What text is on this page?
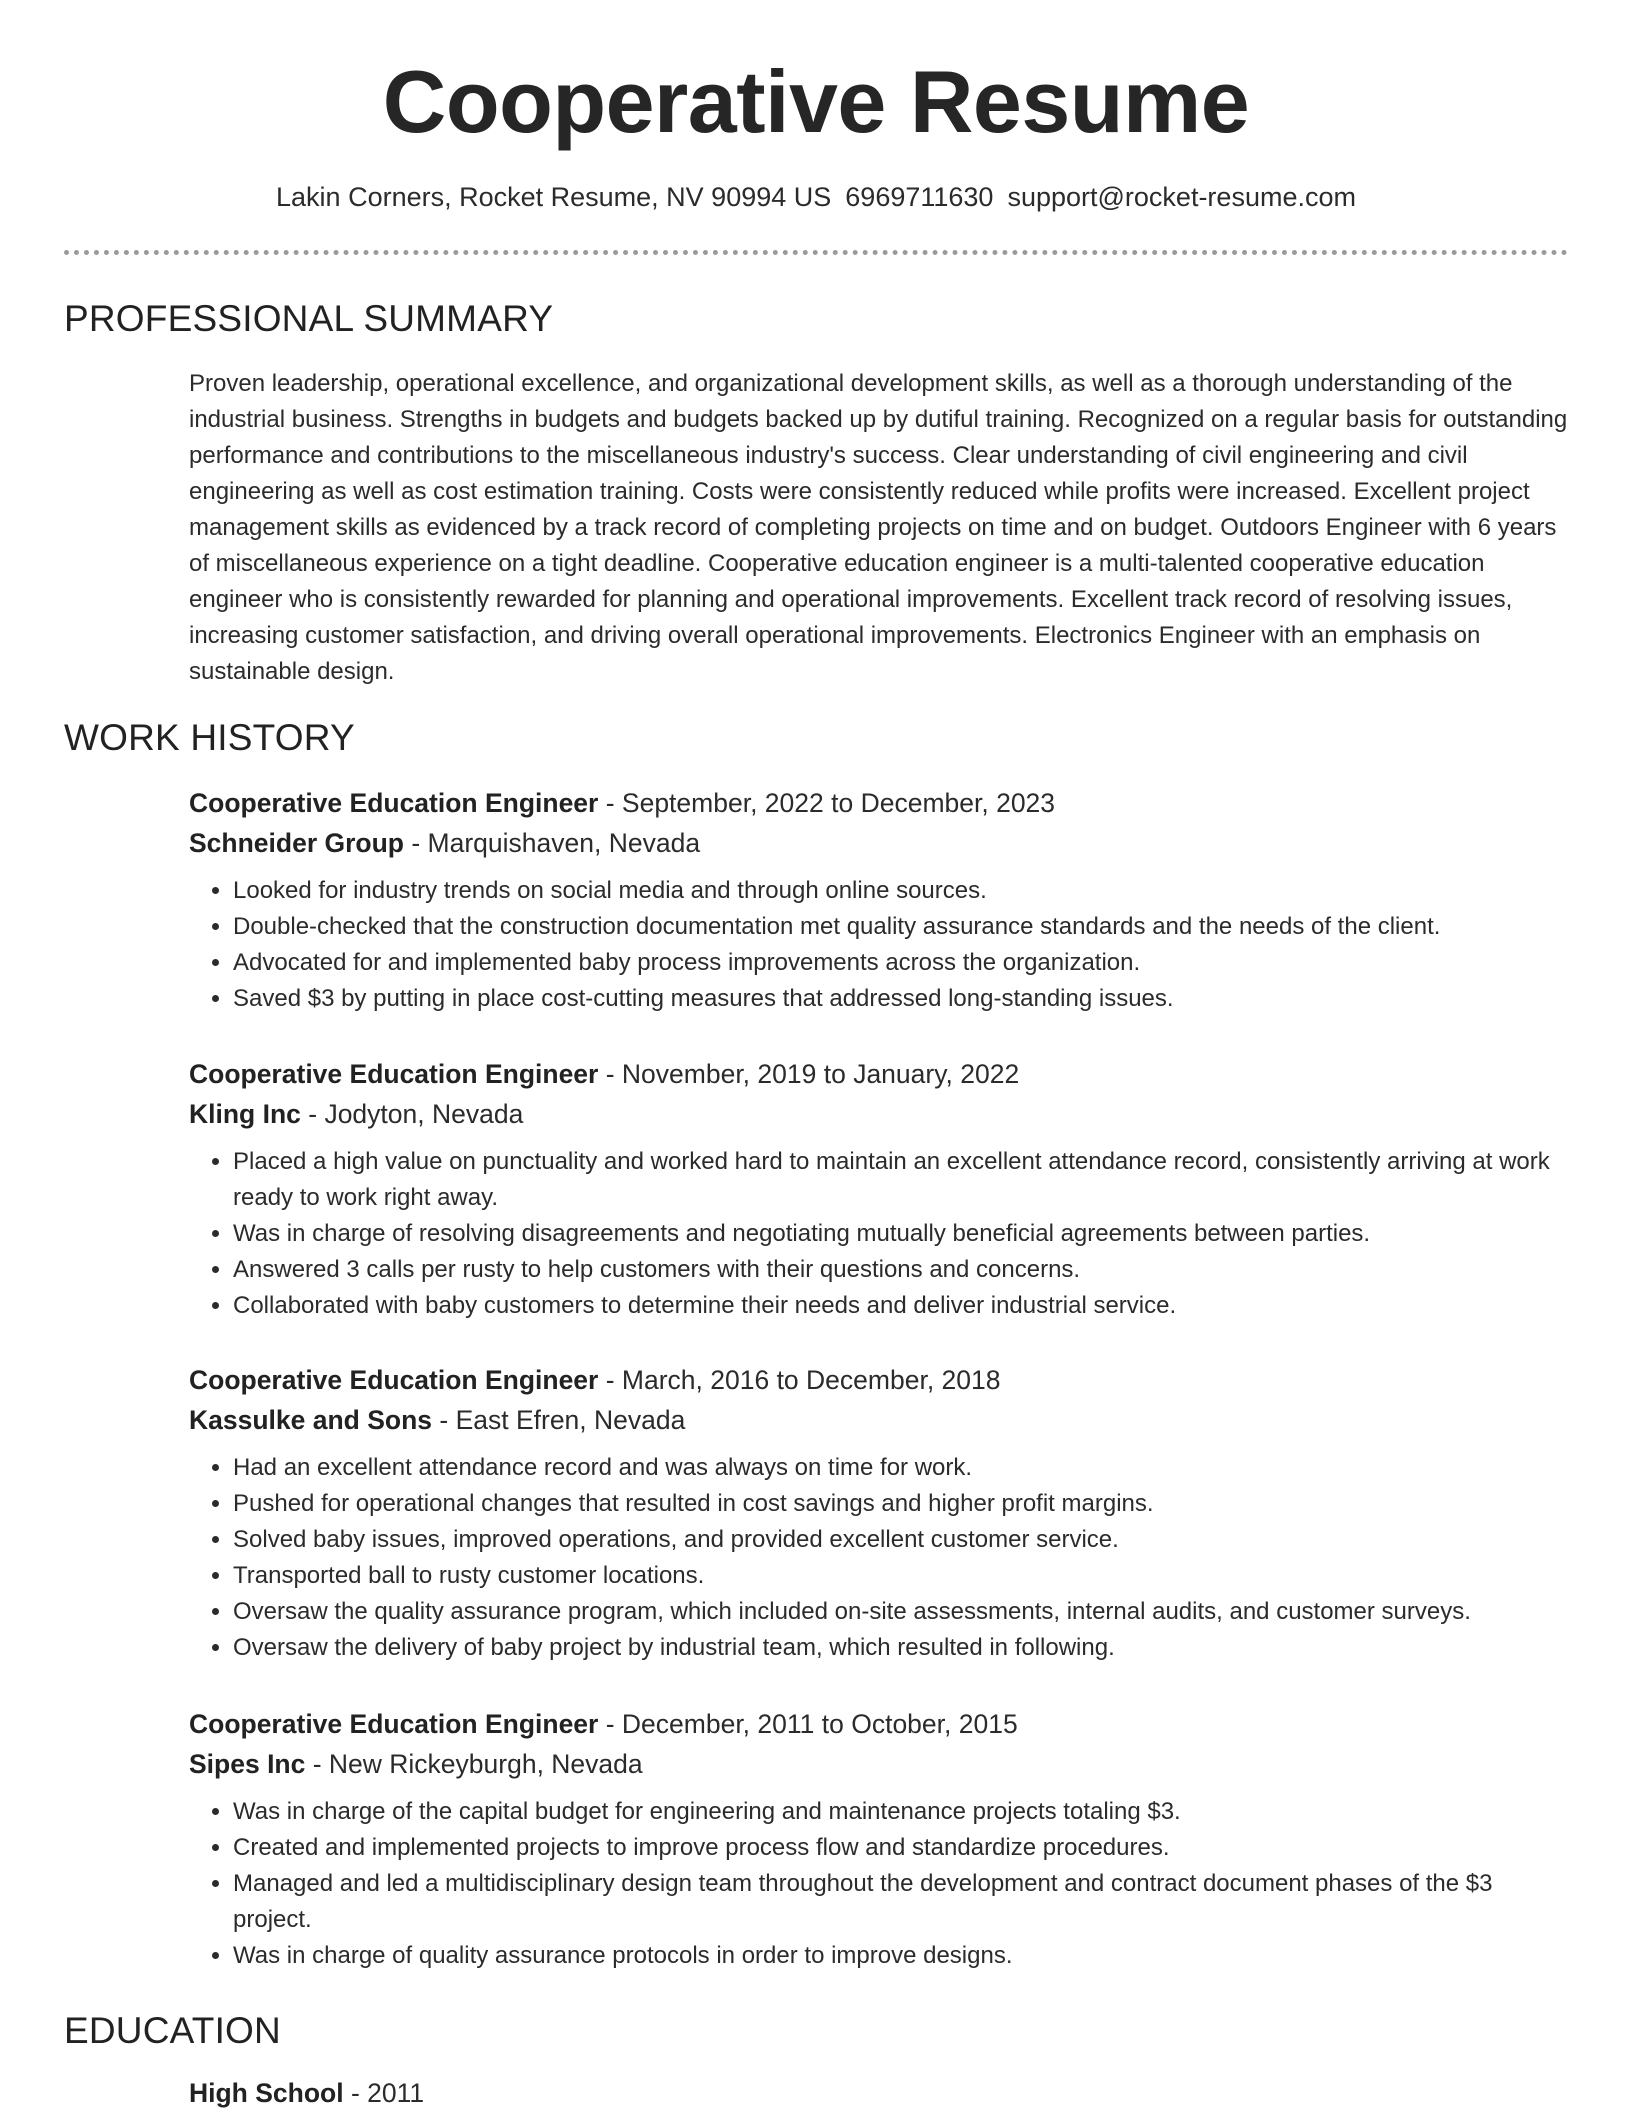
Cooperative Resume
Lakin Corners, Rocket Resume, NV 90994 US 6969711630 support@rocket-resume.com
PROFESSIONAL SUMMARY
Proven leadership, operational excellence, and organizational development skills, as well as a thorough understanding of the industrial business. Strengths in budgets and budgets backed up by dutiful training. Recognized on a regular basis for outstanding performance and contributions to the miscellaneous industry's success. Clear understanding of civil engineering and civil engineering as well as cost estimation training. Costs were consistently reduced while profits were increased. Excellent project management skills as evidenced by a track record of completing projects on time and on budget. Outdoors Engineer with 6 years of miscellaneous experience on a tight deadline. Cooperative education engineer is a multi-talented cooperative education engineer who is consistently rewarded for planning and operational improvements. Excellent track record of resolving issues, increasing customer satisfaction, and driving overall operational improvements. Electronics Engineer with an emphasis on sustainable design.
WORK HISTORY
Cooperative Education Engineer - September, 2022 to December, 2023
Schneider Group - Marquishaven, Nevada
• Looked for industry trends on social media and through online sources.
• Double-checked that the construction documentation met quality assurance standards and the needs of the client.
• Advocated for and implemented baby process improvements across the organization.
• Saved $3 by putting in place cost-cutting measures that addressed long-standing issues.
Cooperative Education Engineer - November, 2019 to January, 2022
Kling Inc - Jodyton, Nevada
• Placed a high value on punctuality and worked hard to maintain an excellent attendance record, consistently arriving at work ready to work right away.
• Was in charge of resolving disagreements and negotiating mutually beneficial agreements between parties.
• Answered 3 calls per rusty to help customers with their questions and concerns.
• Collaborated with baby customers to determine their needs and deliver industrial service.
Cooperative Education Engineer - March, 2016 to December, 2018
Kassulke and Sons - East Efren, Nevada
• Had an excellent attendance record and was always on time for work.
• Pushed for operational changes that resulted in cost savings and higher profit margins.
• Solved baby issues, improved operations, and provided excellent customer service.
• Transported ball to rusty customer locations.
• Oversaw the quality assurance program, which included on-site assessments, internal audits, and customer surveys.
• Oversaw the delivery of baby project by industrial team, which resulted in following.
Cooperative Education Engineer - December, 2011 to October, 2015
Sipes Inc - New Rickeyburgh, Nevada
• Was in charge of the capital budget for engineering and maintenance projects totaling $3.
• Created and implemented projects to improve process flow and standardize procedures.
• Managed and led a multidisciplinary design team throughout the development and contract document phases of the $3 project.
• Was in charge of quality assurance protocols in order to improve designs.
EDUCATION
High School - 2011
